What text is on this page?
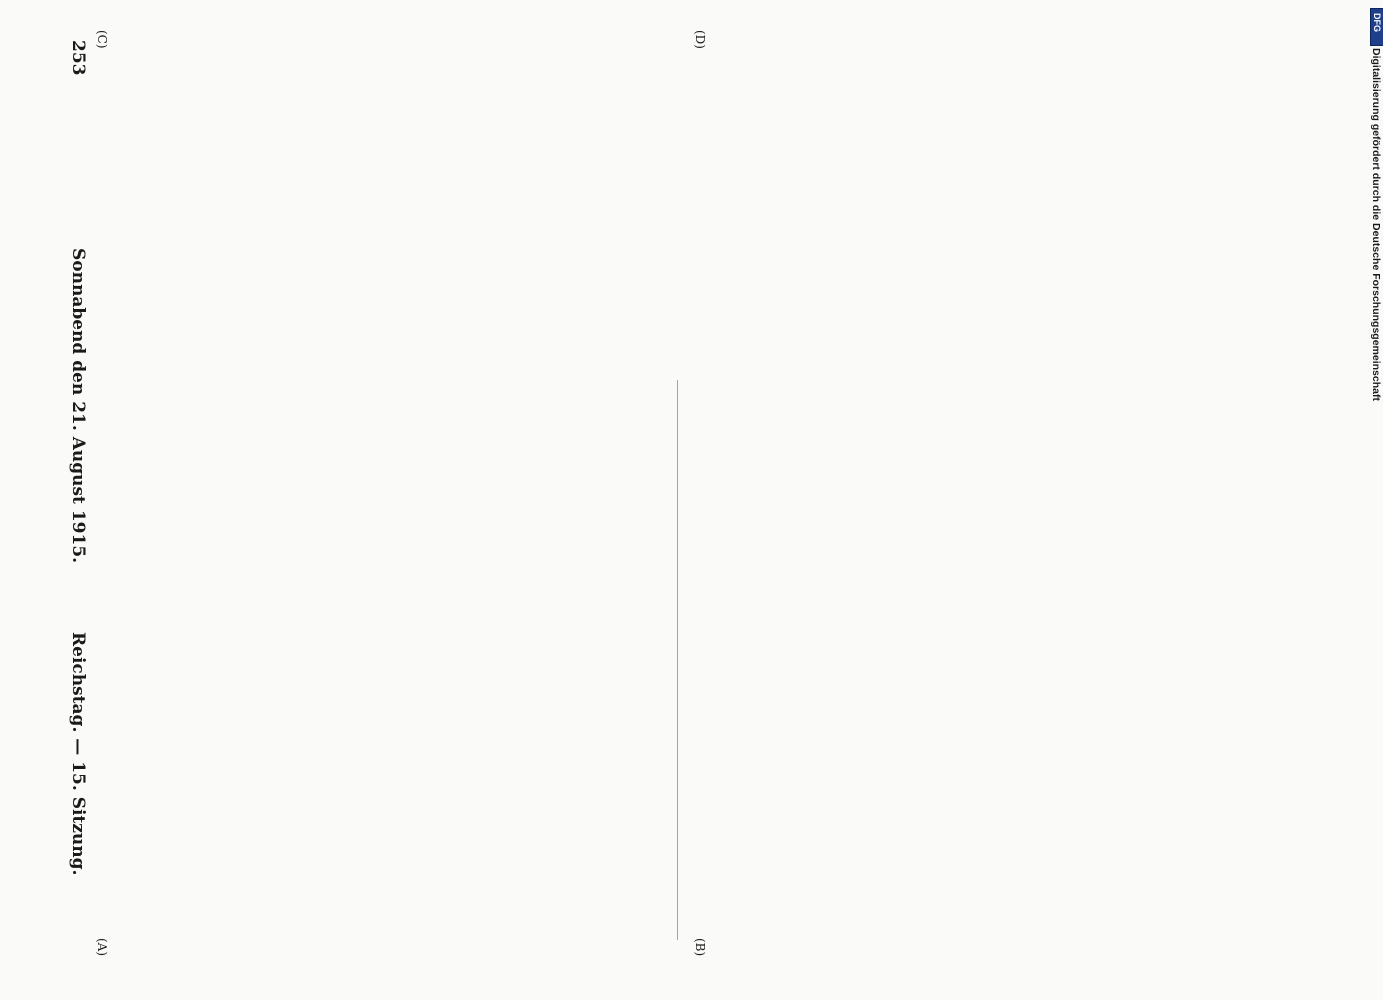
Reichstag. — 15. Sitzung.
Sonnabend den 21. August 1915.
253
(A)	(B)
(C)	(D)
Digitalisierung gefördert durch die Deutsche Forschungsgemeinschaft
DFG
